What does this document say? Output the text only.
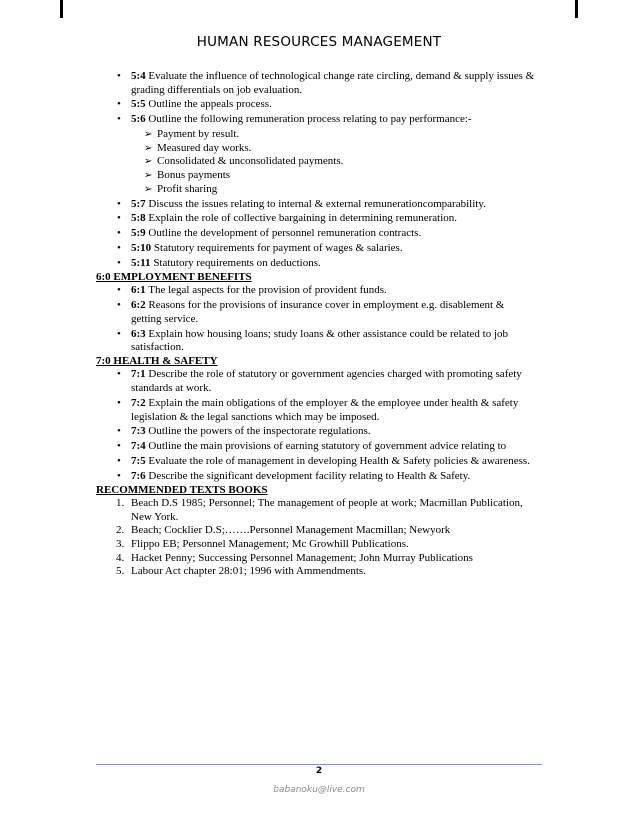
HUMAN RESOURCES MANAGEMENT
• 5:4 Evaluate the influence of technological change rate circling, demand & supply issues & grading differentials on job evaluation.
• 5:5 Outline the appeals process.
• 5:6 Outline the following remuneration process relating to pay performance:-
➢ Payment by result.
➢ Measured day works.
➢ Consolidated & unconsolidated payments.
➢ Bonus payments
➢ Profit sharing
• 5:7 Discuss the issues relating to internal & external remunerationcomparability.
• 5:8 Explain the role of collective bargaining in determining remuneration.
• 5:9 Outline the development of personnel remuneration contracts.
• 5:10 Statutory requirements for payment of wages & salaries.
• 5:11 Statutory requirements on deductions.
6:0 EMPLOYMENT BENEFITS
• 6:1 The legal aspects for the provision of provident funds.
• 6:2 Reasons for the provisions of insurance cover in employment e.g. disablement & getting service.
• 6:3 Explain how housing loans; study loans & other assistance could be related to job satisfaction.
7:0 HEALTH & SAFETY
• 7:1 Describe the role of statutory or government agencies charged with promoting safety standards at work.
• 7:2 Explain the main obligations of the employer & the employee under health & safety legislation & the legal sanctions which may be imposed.
• 7:3 Outline the powers of the inspectorate regulations.
• 7:4 Outline the main provisions of earning statutory of government advice relating to
• 7:5 Evaluate the role of management in developing Health & Safety policies & awareness.
• 7:6 Describe the significant development facility relating to Health & Safety.
RECOMMENDED TEXTS BOOKS
1. Beach D.S 1985; Personnel; The management of people at work; Macmillan Publication, New York.
2. Beach; Cocklier D.S;…….Personnel Management Macmillan; Newyork
3. Flippo EB; Personnel Management; Mc Growhill Publications.
4. Hacket Penny; Successing Personnel Management; John Murray Publications
5. Labour Act chapter 28:01; 1996 with Ammendments.
2
babanoku@live.com
